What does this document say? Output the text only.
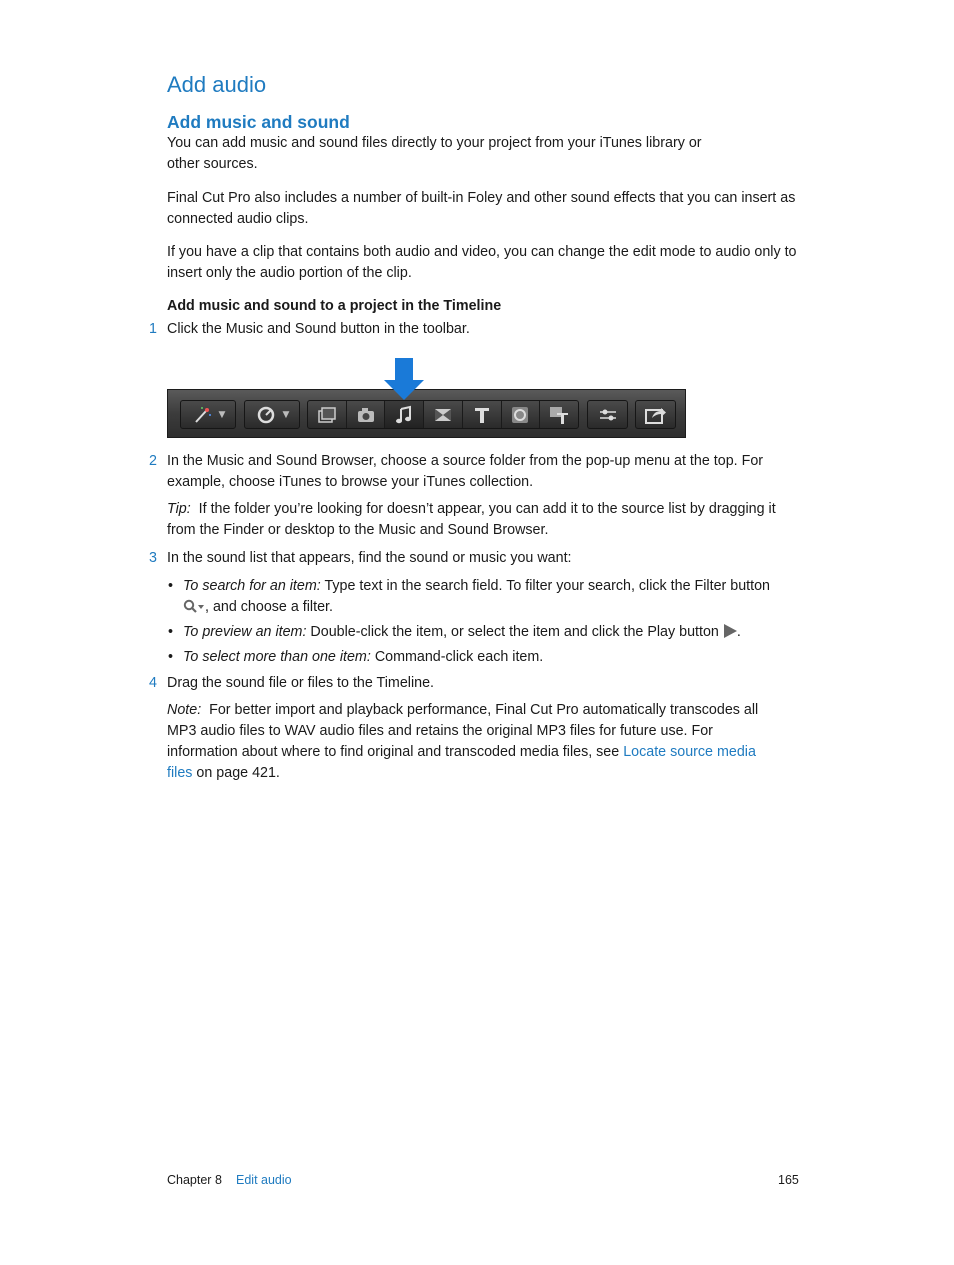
Add audio
Add music and sound
You can add music and sound files directly to your project from your iTunes library or other sources.
Final Cut Pro also includes a number of built-in Foley and other sound effects that you can insert as connected audio clips.
If you have a clip that contains both audio and video, you can change the edit mode to audio only to insert only the audio portion of the clip.
Add music and sound to a project in the Timeline
1 Click the Music and Sound button in the toolbar.
▼	▼
2 In the Music and Sound Browser, choose a source folder from the pop-up menu at the top. For example, choose iTunes to browse your iTunes collection.
Tip: If the folder you’re looking for doesn’t appear, you can add it to the source list by dragging it from the Finder or desktop to the Music and Sound Browser.
3 In the sound list that appears, find the sound or music you want:
• To search for an item: Type text in the search field. To filter your search, click the Filter button
, and choose a filter.
• To preview an item: Double-click the item, or select the item and click the Play button .
• To select more than one item: Command-click each item.
4 Drag the sound file or files to the Timeline.
Note: For better import and playback performance, Final Cut Pro automatically transcodes all MP3 audio files to WAV audio files and retains the original MP3 files for future use. For information about where to find original and transcoded media files, see Locate source media files on page 421.
Chapter 8 Edit audio	165
